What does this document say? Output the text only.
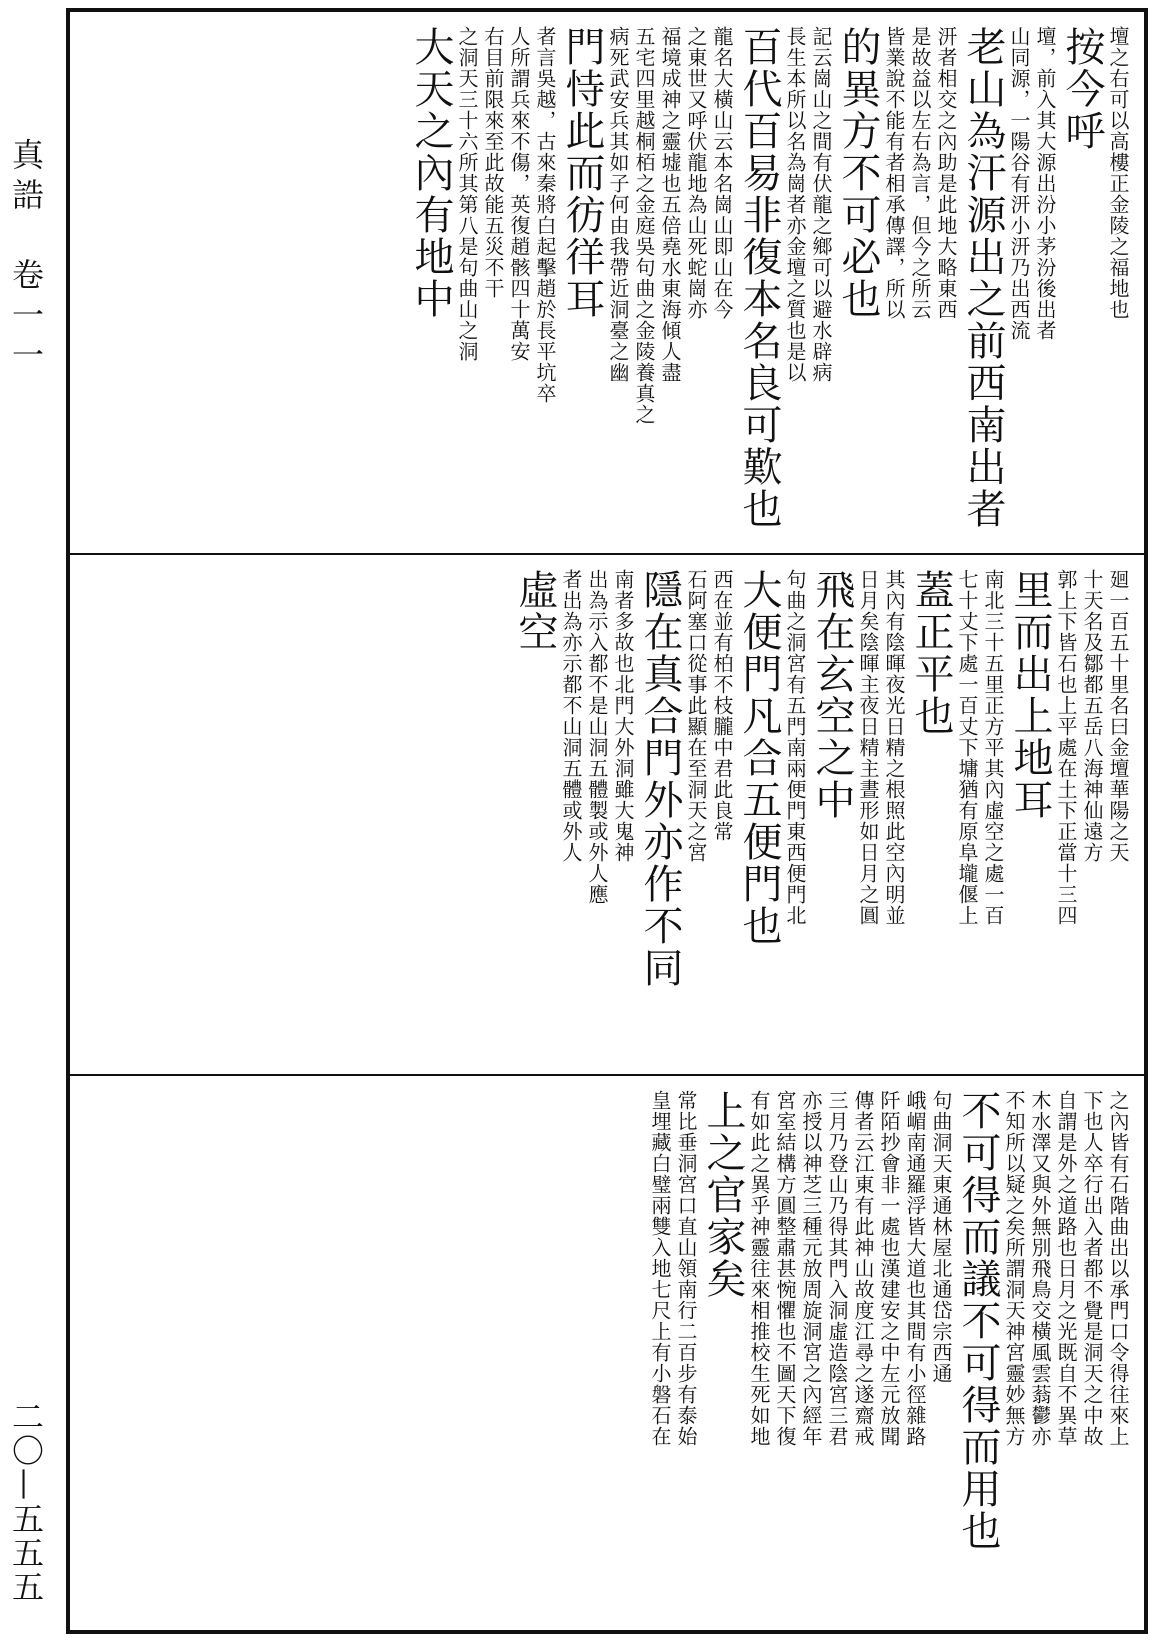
真誥　卷一一
二〇—五五五
壇之右可以高樓正金陵之福地也
按今呼
壇，前入其大源出汾小茅汾後出者
山同源，一陽谷有汧小汧乃出西流
老山為汗源出之前西南出者
汧者相交之內助是此地大略東西
是故益以左右為言，但今之所云
皆業說不能有者相承傳譯，所以
的異方不可必也
記云崗山之間有伏龍之鄉可以避水辟病
長生本所以名為崗者亦金壇之質也是以
百代百易非復本名良可歎也
龍名大橫山云本名崗山即山在今
之東世又呼伏龍地為山死蛇崗亦
福境成神之靈墟也五倍堯水東海傾人盡
五宅四里越桐栢之金庭吳句曲之金陵養真之
病死武安兵其如子何由我帶近洞臺之幽
門恃此而彷徉耳
者言吳越，古來秦將白起擊趙於長平坑卒
人所謂兵來不傷，英復趙骸四十萬安
右目前限來至此故能五災不干
之洞天三十六所其第八是句曲山之洞
大天之內有地中
廻一百五十里名曰金壇華陽之天
十天名及鄒都五岳八海神仙遠方
郭上下皆石也上平處在土下正當十三四
里而出上地耳
南北三十五里正方平其內虛空之處一百
七十丈下處一百丈下墉猶有原阜壠偃上
蓋正平也
其內有陰暉夜光日精之根照此空內明並
日月矣陰暉主夜日精主晝形如日月之圓
飛在玄空之中
句曲之洞宮有五門南兩便門東西便門北
大便門凡合五便門也
西在並有柏不枝朧中君此良常
石阿塞口從事此顯在至洞天之宮
隱在真合門外亦作不同
南者多故也北門大外洞雖大鬼神
出為示入都不是山洞五體製或外人應
者出為亦示都不山洞五體或外人
虛空
之內皆有石階曲出以承門口令得往來上
下也人卒行出入者都不覺是洞天之中故
自謂是外之道路也日月之光既自不異草
木水澤又與外無別飛鳥交橫風雲蓊鬱亦
不知所以疑之矣所謂洞天神宮靈妙無方
不可得而議不可得而用也
句曲洞天東通林屋北通岱宗西通
峨嵋南通羅浮皆大道也其間有小徑雜路
阡陌抄會非一處也漢建安之中左元放聞
傳者云江東有此神山故度江尋之遂齋戒
三月乃登山乃得其門入洞虛造陰宮三君
亦授以神芝三種元放周旋洞宮之內經年
宮室結構方圓整肅甚惋懼也不圖天下復
有如此之異乎神靈往來相推校生死如地
上之官家矣
常比垂洞宮口直山領南行二百步有泰始
皇埋藏白璧兩雙入地七尺上有小磐石在
